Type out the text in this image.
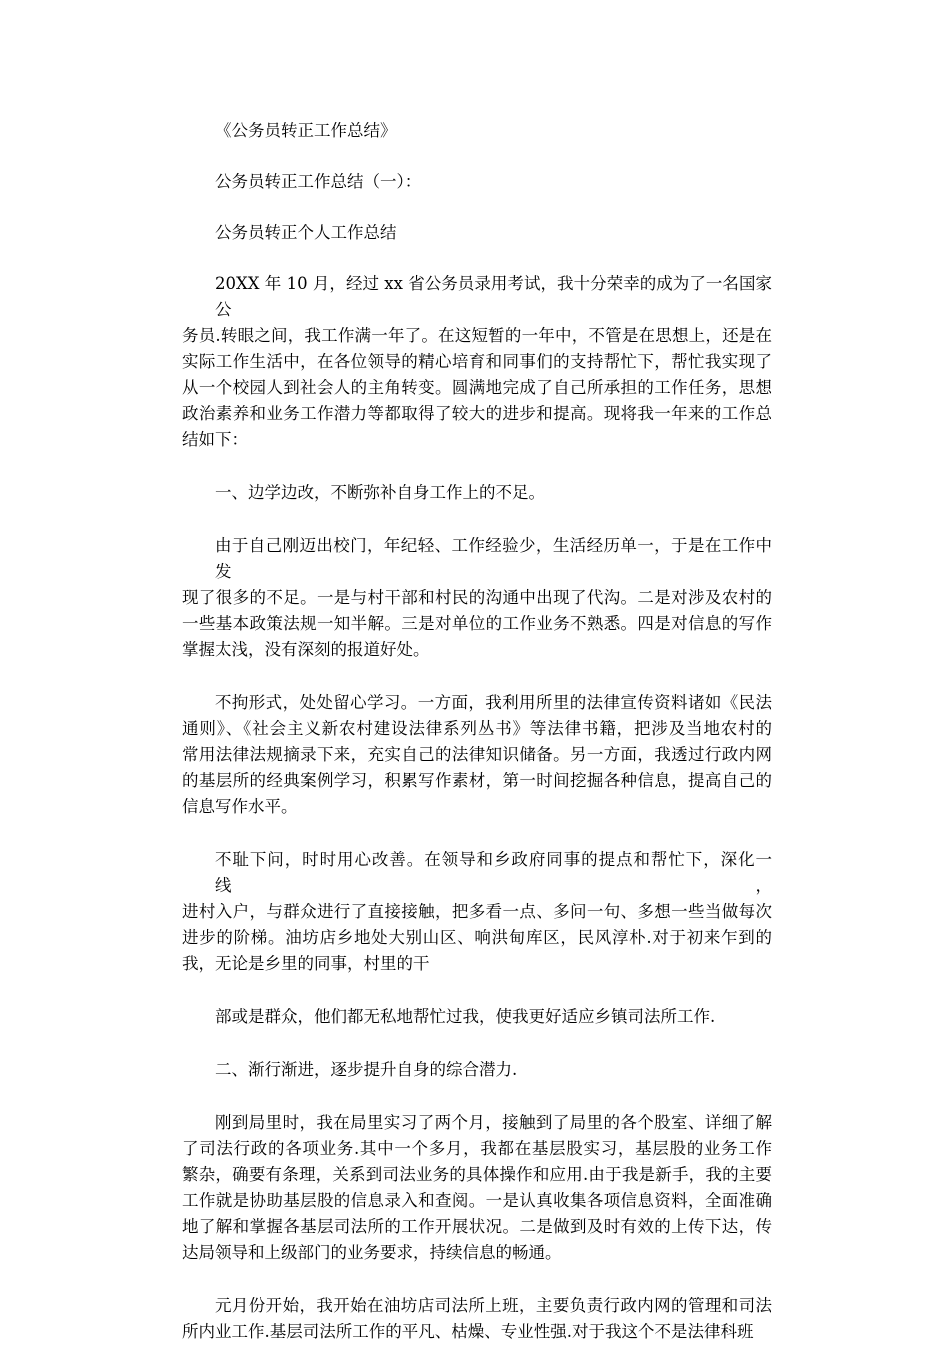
《公务员转正工作总结》

公务员转正工作总结（一）：

公务员转正个人工作总结

20XX 年 10 月，经过 xx 省公务员录用考试，我十分荣幸的成为了一名国家公

务员.转眼之间，我工作满一年了。在这短暂的一年中，不管是在思想上，还是在

实际工作生活中，在各位领导的精心培育和同事们的支持帮忙下，帮忙我实现了

从一个校园人到社会人的主角转变。圆满地完成了自己所承担的工作任务，思想

政治素养和业务工作潜力等都取得了较大的进步和提高。现将我一年来的工作总

结如下：

一、边学边改，不断弥补自身工作上的不足。

由于自己刚迈出校门，年纪轻、工作经验少，生活经历单一，于是在工作中发

现了很多的不足。一是与村干部和村民的沟通中出现了代沟。二是对涉及农村的

一些基本政策法规一知半解。三是对单位的工作业务不熟悉。四是对信息的写作

掌握太浅，没有深刻的报道好处。

不拘形式，处处留心学习。一方面，我利用所里的法律宣传资料诸如《民法

通则》、《社会主义新农村建设法律系列丛书》等法律书籍，把涉及当地农村的

常用法律法规摘录下来，充实自己的法律知识储备。另一方面，我透过行政内网

的基层所的经典案例学习，积累写作素材，第一时间挖掘各种信息，提高自己的

信息写作水平。

不耻下问，时时用心改善。在领导和乡政府同事的提点和帮忙下，深化一线，

进村入户，与群众进行了直接接触，把多看一点、多问一句、多想一些当做每次

进步的阶梯。油坊店乡地处大别山区、响洪甸库区，民风淳朴.对于初来乍到的

我，无论是乡里的同事，村里的干

部或是群众，他们都无私地帮忙过我，使我更好适应乡镇司法所工作.

二、渐行渐进，逐步提升自身的综合潜力.

刚到局里时，我在局里实习了两个月，接触到了局里的各个股室、详细了解

了司法行政的各项业务.其中一个多月，我都在基层股实习，基层股的业务工作

繁杂，确要有条理，关系到司法业务的具体操作和应用.由于我是新手，我的主要

工作就是协助基层股的信息录入和查阅。一是认真收集各项信息资料，全面准确

地了解和掌握各基层司法所的工作开展状况。二是做到及时有效的上传下达，传

达局领导和上级部门的业务要求，持续信息的畅通。

元月份开始，我开始在油坊店司法所上班，主要负责行政内网的管理和司法

所内业工作.基层司法所工作的平凡、枯燥、专业性强.对于我这个不是法律科班
